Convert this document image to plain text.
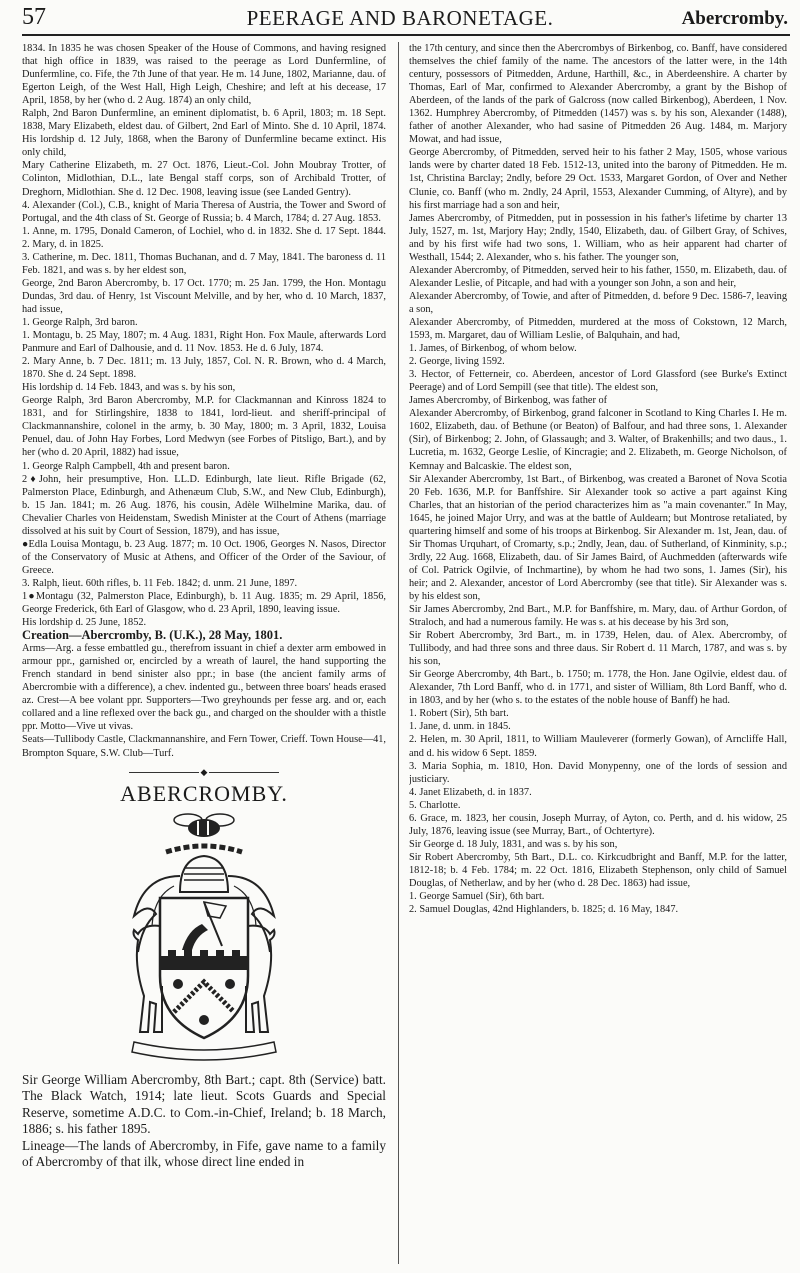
57	PEERAGE AND BARONETAGE.	Abercromby.

1834. In 1835 he was chosen Speaker of the House of Commons, and having resigned that high office in 1839, was raised to the peerage as Lord Dunfermline, of Dunfermline, co. Fife, the 7th June of that year. He m. 14 June, 1802, Marianne, dau. of Egerton Leigh, of the West Hall, High Leigh, Cheshire; and left at his decease, 17 April, 1858, by her (who d. 2 Aug. 1874) an only child,

Ralph, 2nd Baron Dunfermline, an eminent diplomatist, b. 6 April, 1803; m. 18 Sept. 1838, Mary Elizabeth, eldest dau. of Gilbert, 2nd Earl of Minto. She d. 10 April, 1874. His lordship d. 12 July, 1868, when the Barony of Dunfermline became extinct. His only child,

Mary Catherine Elizabeth, m. 27 Oct. 1876, Lieut.-Col. John Moubray Trotter, of Colinton, Midlothian, D.L., late Bengal staff corps, son of Archibald Trotter, of Dreghorn, Midlothian. She d. 12 Dec. 1908, leaving issue (see Landed Gentry).

4. Alexander (Col.), C.B., knight of Maria Theresa of Austria, the Tower and Sword of Portugal, and the 4th class of St. George of Russia; b. 4 March, 1784; d. 27 Aug. 1853.

1. Anne, m. 1795, Donald Cameron, of Lochiel, who d. in 1832. She d. 17 Sept. 1844. 2. Mary, d. in 1825.

3. Catherine, m. Dec. 1811, Thomas Buchanan, and d. 7 May, 1841. The baroness d. 11 Feb. 1821, and was s. by her eldest son,

George, 2nd Baron Abercromby, b. 17 Oct. 1770; m. 25 Jan. 1799, the Hon. Montagu Dundas, 3rd dau. of Henry, 1st Viscount Melville, and by her, who d. 10 March, 1837, had issue,

1. George Ralph, 3rd baron.

1. Montagu, b. 25 May, 1807; m. 4 Aug. 1831, Right Hon. Fox Maule, afterwards Lord Panmure and Earl of Dalhousie, and d. 11 Nov. 1853. He d. 6 July, 1874.

2. Mary Anne, b. 7 Dec. 1811; m. 13 July, 1857, Col. N. R. Brown, who d. 4 March, 1870. She d. 24 Sept. 1898.

His lordship d. 14 Feb. 1843, and was s. by his son,

George Ralph, 3rd Baron Abercromby, M.P. for Clackmannan and Kinross 1824 to 1831, and for Stirlingshire, 1838 to 1841, lord-lieut. and sheriff-principal of Clackmannanshire, colonel in the army, b. 30 May, 1800; m. 3 April, 1832, Louisa Penuel, dau. of John Hay Forbes, Lord Medwyn (see Forbes of Pitsligo, Bart.), and by her (who d. 20 April, 1882) had issue,

1. George Ralph Campbell, 4th and present baron.

2♦John, heir presumptive, Hon. LL.D. Edinburgh, late lieut. Rifle Brigade (62, Palmerston Place, Edinburgh, and Athenæum Club, S.W., and New Club, Edinburgh), b. 15 Jan. 1841; m. 26 Aug. 1876, his cousin, Adèle Wilhelmine Marika, dau. of Chevalier Charles von Heidenstam, Swedish Minister at the Court of Athens (marriage dissolved at his suit by Court of Session, 1879), and has issue,

●Edla Louisa Montagu, b. 23 Aug. 1877; m. 10 Oct. 1906, Georges N. Nasos, Director of the Conservatory of Music at Athens, and Officer of the Order of the Saviour, of Greece.

3. Ralph, lieut. 60th rifles, b. 11 Feb. 1842; d. unm. 21 June, 1897.

1●Montagu (32, Palmerston Place, Edinburgh), b. 11 Aug. 1835; m. 29 April, 1856, George Frederick, 6th Earl of Glasgow, who d. 23 April, 1890, leaving issue.

His lordship d. 25 June, 1852.

Creation—Abercromby, B. (U.K.), 28 May, 1801.

Arms—Arg. a fesse embattled gu., therefrom issuant in chief a dexter arm embowed in armour ppr., garnished or, encircled by a wreath of laurel, the hand supporting the French standard in bend sinister also ppr.; in base (the ancient family arms of Abercrombie with a difference), a chev. indented gu., between three boars' heads erased az. Crest—A bee volant ppr. Supporters—Two greyhounds per fesse arg. and or, each collared and a line reflexed over the back gu., and charged on the shoulder with a thistle ppr. Motto—Vive ut vivas.

Seats—Tullibody Castle, Clackmannanshire, and Fern Tower, Crieff. Town House—41, Brompton Square, S.W. Club—Turf.

◆
ABERCROMBY.

Sir George William Abercromby, 8th Bart.; capt. 8th (Service) batt. The Black Watch, 1914; late lieut. Scots Guards and Special Reserve, sometime A.D.C. to Com.-in-Chief, Ireland; b. 18 March, 1886; s. his father 1895.

Lineage—The lands of Abercromby, in Fife, gave name to a family of Abercromby of that ilk, whose direct line ended in

the 17th century, and since then the Abercrombys of Birkenbog, co. Banff, have considered themselves the chief family of the name. The ancestors of the latter were, in the 14th century, possessors of Pitmedden, Ardune, Harthill, &c., in Aberdeenshire. A charter by Thomas, Earl of Mar, confirmed to Alexander Abercromby, a grant by the Bishop of Aberdeen, of the lands of the park of Galcross (now called Birkenbog), Aberdeen, 1 Nov. 1362. Humphrey Abercromby, of Pitmedden (1457) was s. by his son, Alexander (1488), father of another Alexander, who had sasine of Pitmedden 26 Aug. 1484, m. Marjory Mowat, and had issue,

George Abercromby, of Pitmedden, served heir to his father 2 May, 1505, whose various lands were by charter dated 18 Feb. 1512-13, united into the barony of Pitmedden. He m. 1st, Christina Barclay; 2ndly, before 29 Oct. 1533, Margaret Gordon, of Over and Nether Clunie, co. Banff (who m. 2ndly, 24 April, 1553, Alexander Cumming, of Altyre), and by his first marriage had a son and heir,

James Abercromby, of Pitmedden, put in possession in his father's lifetime by charter 13 July, 1527, m. 1st, Marjory Hay; 2ndly, 1540, Elizabeth, dau. of Gilbert Gray, of Schives, and by his first wife had two sons, 1. William, who as heir apparent had charter of Westhall, 1544; 2. Alexander, who s. his father. The younger son,

Alexander Abercromby, of Pitmedden, served heir to his father, 1550, m. Elizabeth, dau. of Alexander Leslie, of Pitcaple, and had with a younger son John, a son and heir,

Alexander Abercromby, of Towie, and after of Pitmedden, d. before 9 Dec. 1586-7, leaving a son,

Alexander Abercromby, of Pitmedden, murdered at the moss of Cokstown, 12 March, 1593, m. Margaret, dau of William Leslie, of Balquhain, and had,

1. James, of Birkenbog, of whom below.

2. George, living 1592.

3. Hector, of Fetterneir, co. Aberdeen, ancestor of Lord Glassford (see Burke's Extinct Peerage) and of Lord Sempill (see that title). The eldest son,

James Abercromby, of Birkenbog, was father of

Alexander Abercromby, of Birkenbog, grand falconer in Scotland to King Charles I. He m. 1602, Elizabeth, dau. of Bethune (or Beaton) of Balfour, and had three sons, 1. Alexander (Sir), of Birkenbog; 2. John, of Glassaugh; and 3. Walter, of Brakenhills; and two daus., 1. Lucretia, m. 1632, George Leslie, of Kincragie; and 2. Elizabeth, m. George Nicholson, of Kemnay and Balcaskie. The eldest son,

Sir Alexander Abercromby, 1st Bart., of Birkenbog, was created a Baronet of Nova Scotia 20 Feb. 1636, M.P. for Banffshire. Sir Alexander took so active a part against King Charles, that an historian of the period characterizes him as "a main covenanter." In May, 1645, he joined Major Urry, and was at the battle of Auldearn; but Montrose retaliated, by quartering himself and some of his troops at Birkenbog. Sir Alexander m. 1st, Jean, dau. of Sir Thomas Urquhart, of Cromarty, s.p.; 2ndly, Jean, dau. of Sutherland, of Kinminity, s.p.; 3rdly, 22 Aug. 1668, Elizabeth, dau. of Sir James Baird, of Auchmedden (afterwards wife of Col. Patrick Ogilvie, of Inchmartine), by whom he had two sons, 1. James (Sir), his heir; and 2. Alexander, ancestor of Lord Abercromby (see that title). Sir Alexander was s. by his eldest son,

Sir James Abercromby, 2nd Bart., M.P. for Banffshire, m. Mary, dau. of Arthur Gordon, of Straloch, and had a numerous family. He was s. at his decease by his 3rd son,

Sir Robert Abercromby, 3rd Bart., m. in 1739, Helen, dau. of Alex. Abercromby, of Tullibody, and had three sons and three daus. Sir Robert d. 11 March, 1787, and was s. by his son,

Sir George Abercromby, 4th Bart., b. 1750; m. 1778, the Hon. Jane Ogilvie, eldest dau. of Alexander, 7th Lord Banff, who d. in 1771, and sister of William, 8th Lord Banff, who d. in 1803, and by her (who s. to the estates of the noble house of Banff) he had.

1. Robert (Sir), 5th bart.

1. Jane, d. unm. in 1845.

2. Helen, m. 30 April, 1811, to William Mauleverer (formerly Gowan), of Arncliffe Hall, and d. his widow 6 Sept. 1859.

3. Maria Sophia, m. 1810, Hon. David Monypenny, one of the lords of session and justiciary.

4. Janet Elizabeth, d. in 1837.

5. Charlotte.

6. Grace, m. 1823, her cousin, Joseph Murray, of Ayton, co. Perth, and d. his widow, 25 July, 1876, leaving issue (see Murray, Bart., of Ochtertyre).

Sir George d. 18 July, 1831, and was s. by his son,

Sir Robert Abercromby, 5th Bart., D.L. co. Kirkcudbright and Banff, M.P. for the latter, 1812-18; b. 4 Feb. 1784; m. 22 Oct. 1816, Elizabeth Stephenson, only child of Samuel Douglas, of Netherlaw, and by her (who d. 28 Dec. 1863) had issue,

1. George Samuel (Sir), 6th bart.

2. Samuel Douglas, 42nd Highlanders, b. 1825; d. 16 May, 1847.
